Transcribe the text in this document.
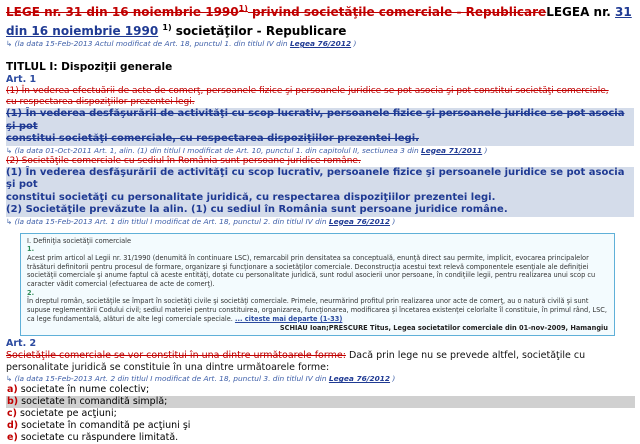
LEGE nr. 31 din 16 noiembrie 1990$^{1)}$ privind societăţile comerciale - RepublicareLEGEA nr. 31 din 16 noiembrie 1990 $^{1)}$ societăţilor - Republicare
↳ (la data 15-Feb-2013 Actul modificat de Art. 18, punctul 1. din titlul IV din Legea 76/2012 )
TITLUL I: Dispoziţii generale
Art. 1
(1) În vederea efectuării de acte de comerţ, persoanele fizice şi persoanele juridice se pot asocia şi pot constitui societăţi comerciale,
cu respectarea dispoziţiilor prezentei legi.
(1) În vederea desfăşurării de activităţi cu scop lucrativ, persoanele fizice şi persoanele juridice se pot asocia şi pot
constitui societăţi comerciale, cu respectarea dispoziţiilor prezentei legi.
↳ (la data 01-Oct-2011 Art. 1, alin. (1) din titlul I modificat de Art. 10, punctul 1. din capitolul II, sectiunea 3 din Legea 71/2011 )
(2) Societăţile comerciale cu sediul în România sunt persoane juridice române.
(1) În vederea desfăşurării de activităţi cu scop lucrativ, persoanele fizice şi persoanele juridice se pot asocia şi pot
constitui societăţi cu personalitate juridică, cu respectarea dispoziţiilor prezentei legi.
(2) Societăţile prevăzute la alin. (1) cu sediul în România sunt persoane juridice române.
↳ (la data 15-Feb-2013 Art. 1 din titlul I modificat de Art. 18, punctul 2. din titlul IV din Legea 76/2012 )
I. Definiţia societăţii comerciale
1.
Acest prim articol al Legii nr. 31/1990 (denumită în continuare LSC), remarcabil prin densitatea sa conceptuală, enunţă direct sau permite, implicit, evocarea principalelor trăsături definitorii pentru procesul de formare, organizare şi funcţionare a societăţilor comerciale. Deconstrucţia acestui text relevă componentele esenţiale ale definiţiei societăţii comerciale şi anume faptul că aceste entităţi, dotate cu personalitate juridică, sunt rodul asocierii unor persoane, în condiţiile legii, pentru realizarea unui scop cu caracter vădit comercial (efectuarea de acte de comerţ).
2.
În dreptul român, societăţile se împart în societăţi civile şi societăţi comerciale. Primele, neurmărind profitul prin realizarea unor acte de comerţ, au o natură civilă şi sunt supuse reglementării Codului civil; sediul materiei pentru constituirea, organizarea, funcţionarea, modificarea şi încetarea existenţei celorlalte îl constituie, în primul rând, LSC, ca lege fundamentală, alături de alte legi comerciale speciale. ... citeste mai departe (1-33)
SCHIAU Ioan;PRESCURE Titus, Legea societatilor comerciale din 01-nov-2009, Hamangiu
Art. 2
Societăţile comerciale se vor constitui în una dintre următoarele forme: Dacă prin lege nu se prevede altfel, societăţile cu personalitate juridică se constituie în una dintre următoarele forme:
↳ (la data 15-Feb-2013 Art. 2 din titlul I modificat de Art. 18, punctul 3. din titlul IV din Legea 76/2012 )
a) societate în nume colectiv;
b) societate în comandită simplă;
c) societate pe acţiuni;
d) societate în comandită pe acţiuni şi
e) societate cu răspundere limitată.
